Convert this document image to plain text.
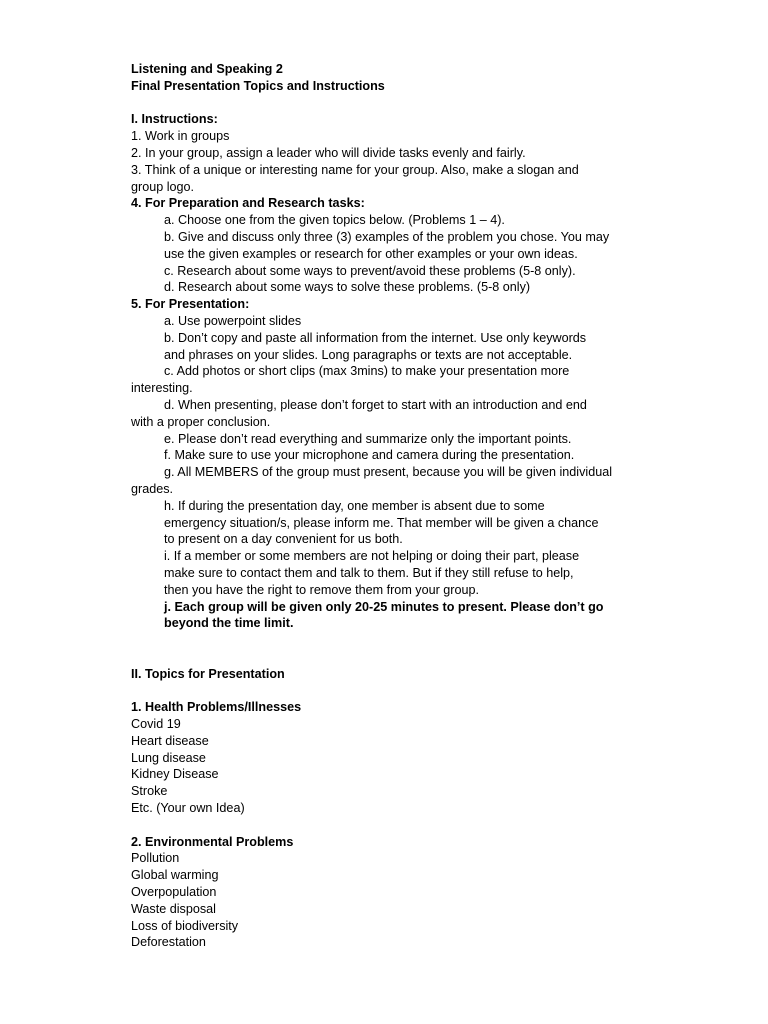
Listening and Speaking 2
Final Presentation Topics and Instructions
I. Instructions:
1. Work in groups
2. In your group, assign a leader who will divide tasks evenly and fairly.
3. Think of a unique or interesting name for your group. Also, make a slogan and
group logo.
4. For Preparation and Research tasks:
a. Choose one from the given topics below. (Problems 1 – 4).
b. Give and discuss only three (3) examples of the problem you chose. You may
use the given examples or research for other examples or your own ideas.
c. Research about some ways to prevent/avoid these problems (5-8 only).
d. Research about some ways to solve these problems. (5-8 only)
5. For Presentation:
a. Use powerpoint slides
b. Don’t copy and paste all information from the internet. Use only keywords
and phrases on your slides. Long paragraphs or texts are not acceptable.
c. Add photos or short clips (max 3mins) to make your presentation more
interesting.
d. When presenting, please don’t forget to start with an introduction and end
with a proper conclusion.
e. Please don’t read everything and summarize only the important points.
f. Make sure to use your microphone and camera during the presentation.
g. All MEMBERS of the group must present, because you will be given individual
grades.
h. If during the presentation day, one member is absent due to some
emergency situation/s, please inform me. That member will be given a chance
to present on a day convenient for us both.
i. If a member or some members are not helping or doing their part, please
make sure to contact them and talk to them. But if they still refuse to help,
then you have the right to remove them from your group.
j. Each group will be given only 20-25 minutes to present. Please don’t go
beyond the time limit.
II. Topics for Presentation
1. Health Problems/Illnesses
Covid 19
Heart disease
Lung disease
Kidney Disease
Stroke
Etc. (Your own Idea)
2. Environmental Problems
Pollution
Global warming
Overpopulation
Waste disposal
Loss of biodiversity
Deforestation
